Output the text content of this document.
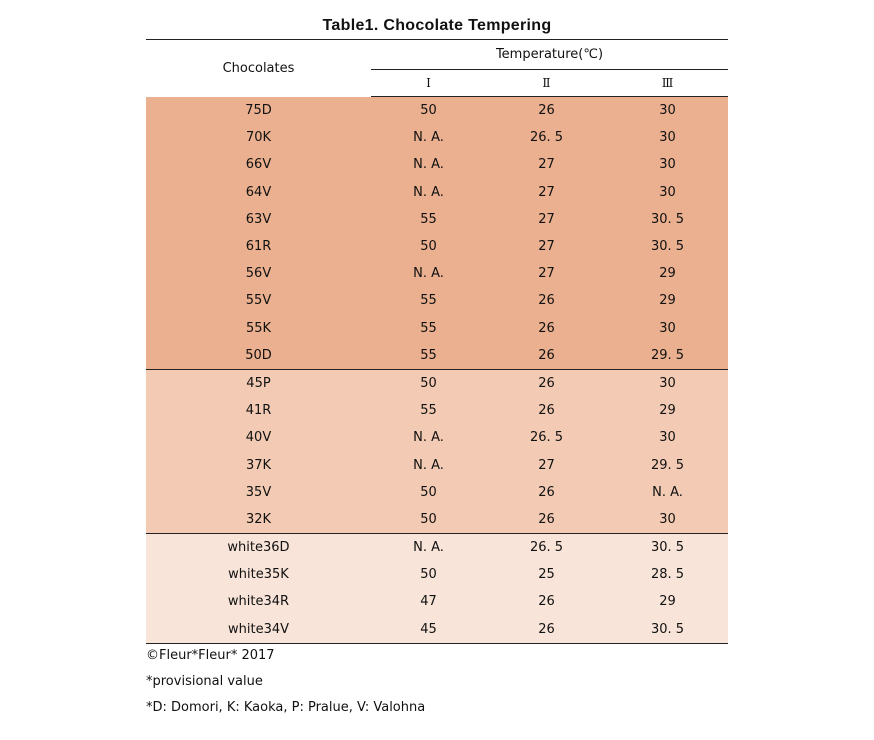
Table1. Chocolate Tempering
Chocolates	Temperature(℃)		
	Ⅰ	Ⅱ	Ⅲ
75D	50	26	30
70K	N. A.	26. 5	30
66V	N. A.	27	30
64V	N. A.	27	30
63V	55	27	30. 5
61R	50	27	30. 5
56V	N. A.	27	29
55V	55	26	29
55K	55	26	30
50D	55	26	29. 5
45P	50	26	30
41R	55	26	29
40V	N. A.	26. 5	30
37K	N. A.	27	29. 5
35V	50	26	N. A.
32K	50	26	30
white36D	N. A.	26. 5	30. 5
white35K	50	25	28. 5
white34R	47	26	29
white34V	45	26	30. 5
©Fleur*Fleur* 2017
*provisional value
*D: Domori, K: Kaoka, P: Pralue, V: Valohna
